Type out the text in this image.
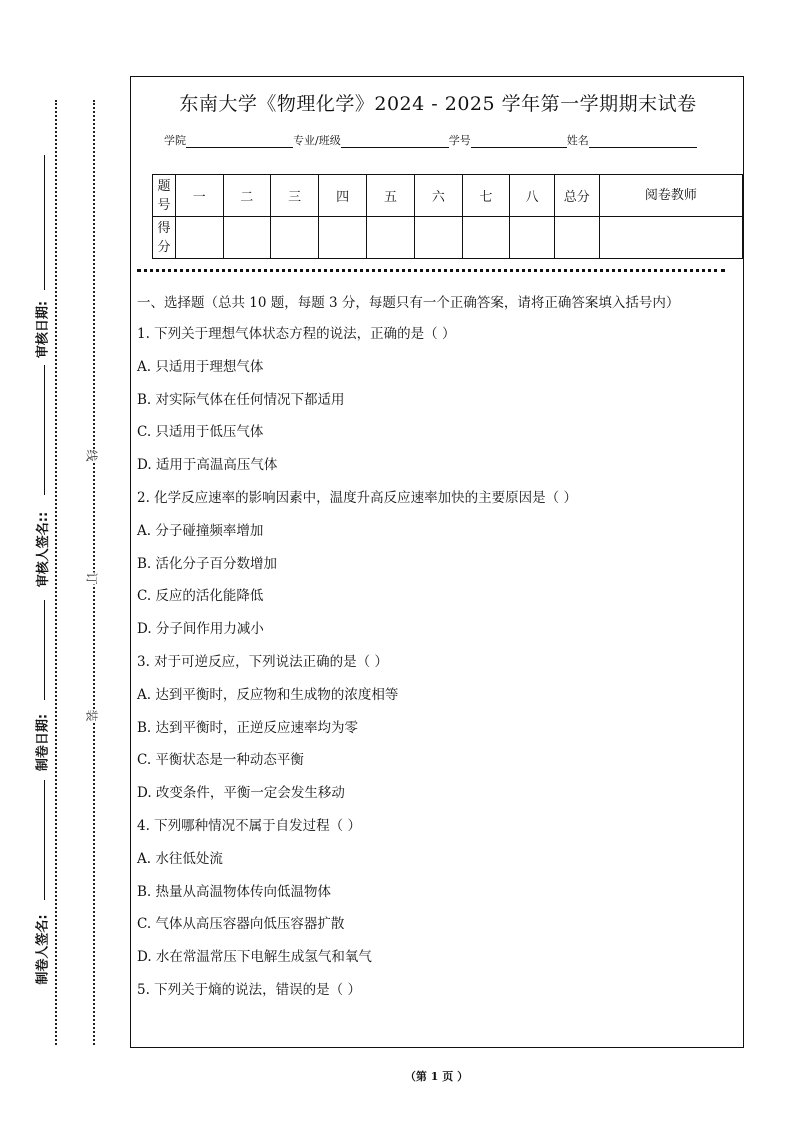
审核日期:
审核人签名::
制卷日期:
制卷人签名:
线
订
装
东南大学《物理化学》2024 - 2025 学年第一学期期末试卷
学院	专业/班级	学号	姓名
题号	一	二	三	四	五	六	七	八	总分	阅卷教师
得分										
一、选择题（总共 10 题，每题 3 分，每题只有一个正确答案，请将正确答案填入括号内）
1. 下列关于理想气体状态方程的说法，正确的是（ ）
A. 只适用于理想气体
B. 对实际气体在任何情况下都适用
C. 只适用于低压气体
D. 适用于高温高压气体
2. 化学反应速率的影响因素中，温度升高反应速率加快的主要原因是（ ）
A. 分子碰撞频率增加
B. 活化分子百分数增加
C. 反应的活化能降低
D. 分子间作用力减小
3. 对于可逆反应，下列说法正确的是（ ）
A. 达到平衡时，反应物和生成物的浓度相等
B. 达到平衡时，正逆反应速率均为零
C. 平衡状态是一种动态平衡
D. 改变条件，平衡一定会发生移动
4. 下列哪种情况不属于自发过程（ ）
A. 水往低处流
B. 热量从高温物体传向低温物体
C. 气体从高压容器向低压容器扩散
D. 水在常温常压下电解生成氢气和氧气
5. 下列关于熵的说法，错误的是（ ）
（第 1 页 ）
